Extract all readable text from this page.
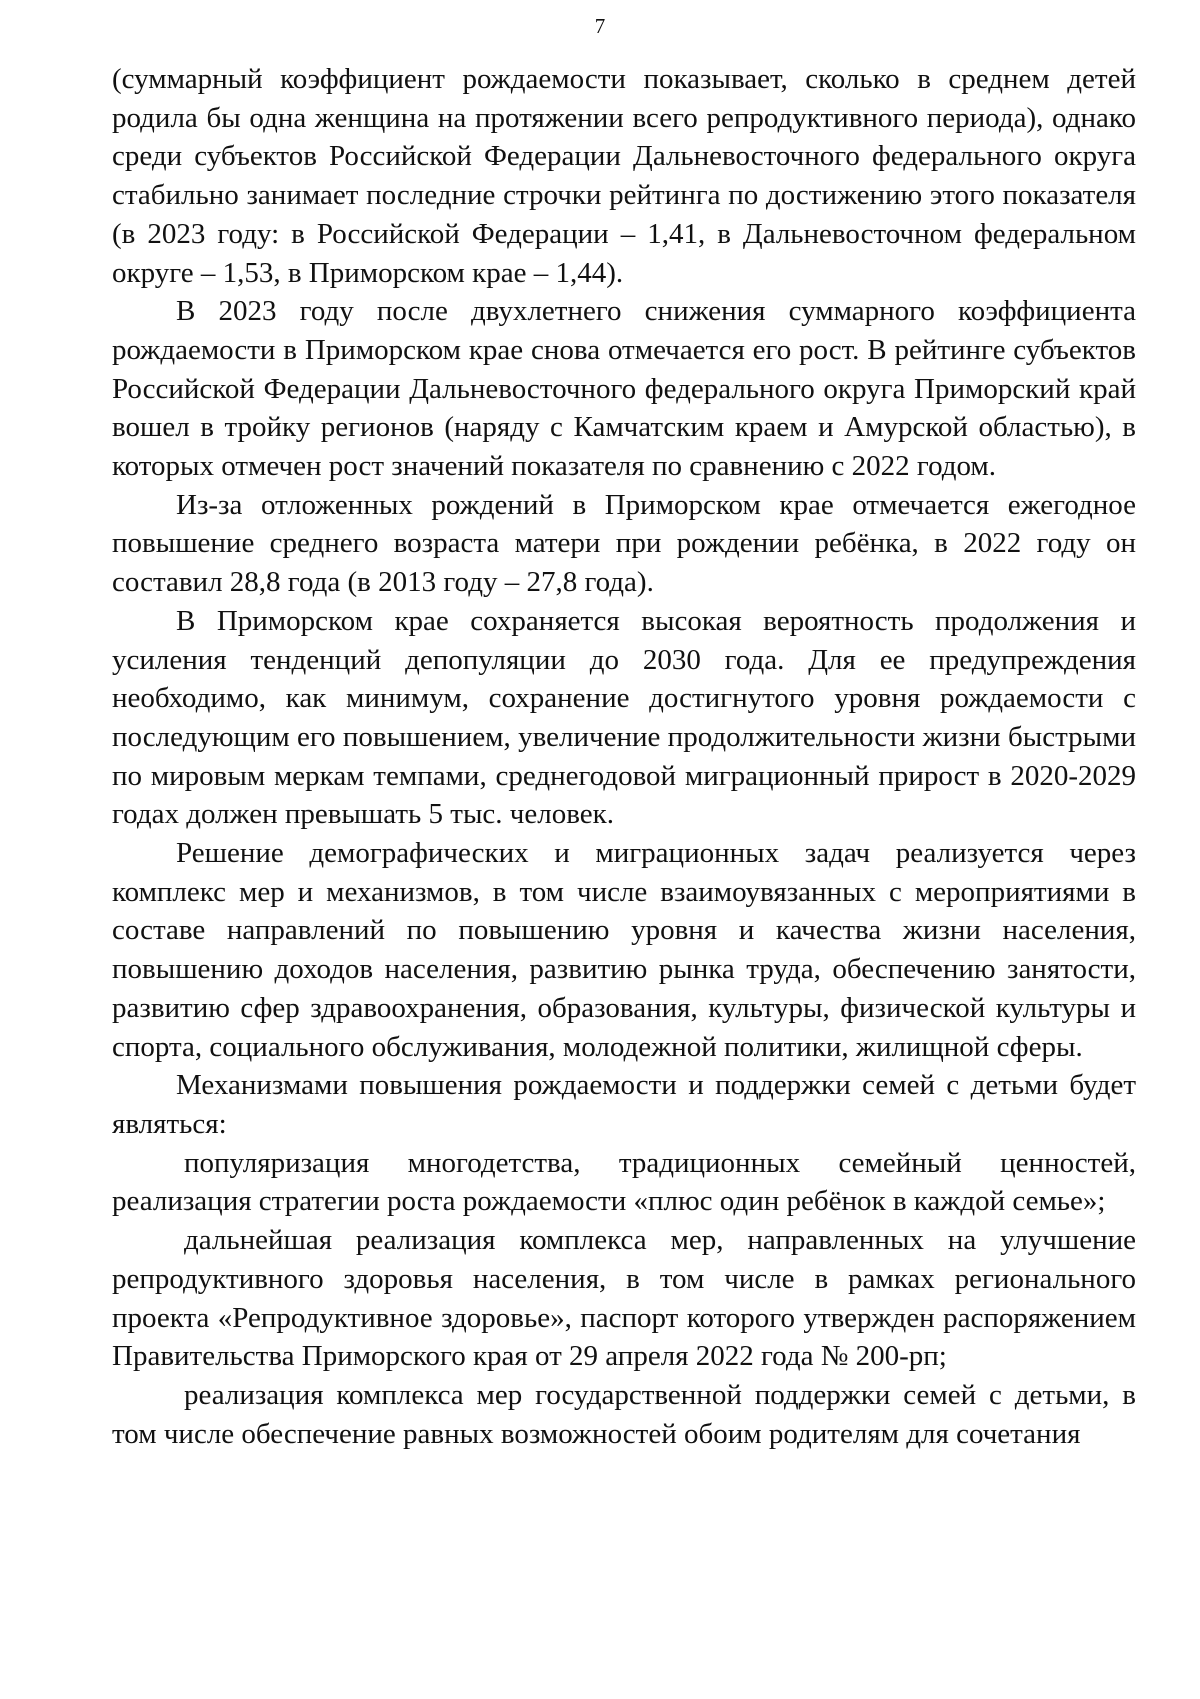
7

(суммарный коэффициент рождаемости показывает, сколько в среднем детей родила бы одна женщина на протяжении всего репродуктивного периода), однако среди субъектов Российской Федерации Дальневосточного федерального округа стабильно занимает последние строчки рейтинга по достижению этого показателя (в 2023 году: в Российской Федерации – 1,41, в Дальневосточном федеральном округе – 1,53, в Приморском крае – 1,44).

В 2023 году после двухлетнего снижения суммарного коэффициента рождаемости в Приморском крае снова отмечается его рост. В рейтинге субъектов Российской Федерации Дальневосточного федерального округа Приморский край вошел в тройку регионов (наряду с Камчатским краем и Амурской областью), в которых отмечен рост значений показателя по сравнению с 2022 годом.

Из-за отложенных рождений в Приморском крае отмечается ежегодное повышение среднего возраста матери при рождении ребёнка, в 2022 году он составил 28,8 года (в 2013 году – 27,8 года).

В Приморском крае сохраняется высокая вероятность продолжения и усиления тенденций депопуляции до 2030 года. Для ее предупреждения необходимо, как минимум, сохранение достигнутого уровня рождаемости с последующим его повышением, увеличение продолжительности жизни быстрыми по мировым меркам темпами, среднегодовой миграционный прирост в 2020-2029 годах должен превышать 5 тыс. человек.

Решение демографических и миграционных задач реализуется через комплекс мер и механизмов, в том числе взаимоувязанных с мероприятиями в составе направлений по повышению уровня и качества жизни населения, повышению доходов населения, развитию рынка труда, обеспечению занятости, развитию сфер здравоохранения, образования, культуры, физической культуры и спорта, социального обслуживания, молодежной политики, жилищной сферы.

Механизмами повышения рождаемости и поддержки семей с детьми будет являться:

популяризация многодетства, традиционных семейный ценностей, реализация стратегии роста рождаемости «плюс один ребёнок в каждой семье»;

дальнейшая реализация комплекса мер, направленных на улучшение репродуктивного здоровья населения, в том числе в рамках регионального проекта «Репродуктивное здоровье», паспорт которого утвержден распоряжением Правительства Приморского края от 29 апреля 2022 года № 200-рп;

реализация комплекса мер государственной поддержки семей с детьми, в том числе обеспечение равных возможностей обоим родителям для сочетания
